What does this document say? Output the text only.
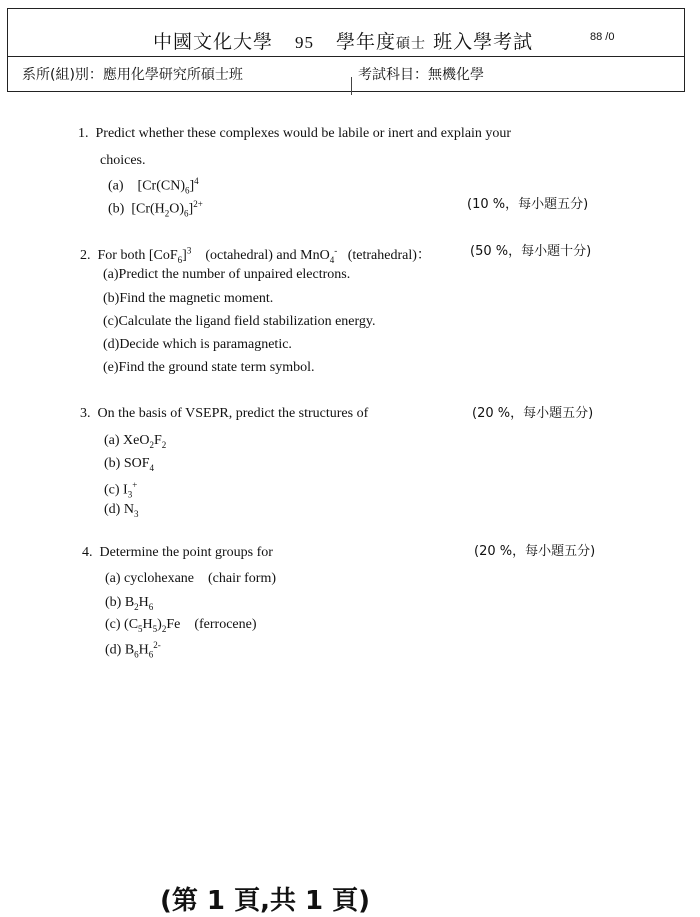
中國文化大學 95 學年度碩士 班入學考試	88 /0
系所(組)別：應用化學研究所碩士班	考試科目：無機化學
1. Predict whether these complexes would be labile or inert and explain your
choices.
(a) $[Cr(CN)_6]^4$
(b) $[Cr(H_2O)_6]^{2+}$	(10 %，每小題五分)
2. For both $[CoF_6]^3$ (octahedral) and MnO$_4$- (tetrahedral)：	(50 %，每小題十分)
(a)Predict the number of unpaired electrons.
(b)Find the magnetic moment.
(c)Calculate the ligand field stabilization energy.
(d)Decide which is paramagnetic.
(e)Find the ground state term symbol.
3. On the basis of VSEPR, predict the structures of	(20 %，每小題五分)
(a) $XeO_2F_2$
(b) $SOF_4$
(c) $I_3^+$
(d) $N_3$
4. Determine the point groups for	(20 %，每小題五分)
(a) cyclohexane (chair form)
(b) $B_2H_6$
(c) $(C_5H_5)_2Fe$ (ferrocene)
(d) $B_6H_6^{2-}$
(第 1 頁,共 1 頁)
